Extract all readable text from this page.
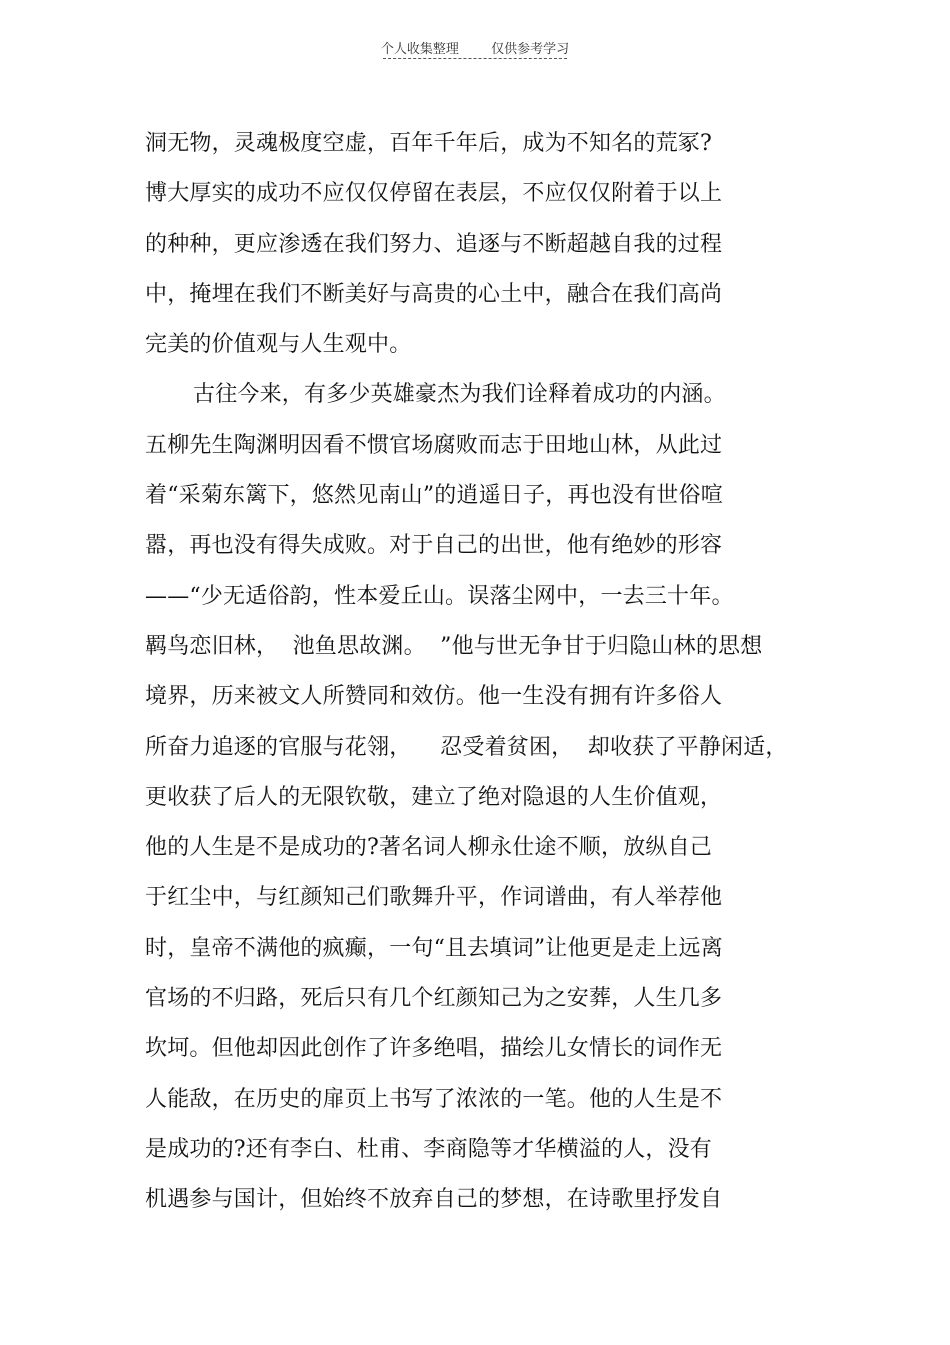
个人收集整理 仅供参考学习
洞无物，灵魂极度空虚，百年千年后，成为不知名的荒冢?
博大厚实的成功不应仅仅停留在表层，不应仅仅附着于以上
的种种，更应渗透在我们努力、追逐与不断超越自我的过程
中，掩埋在我们不断美好与高贵的心土中，融合在我们高尚
完美的价值观与人生观中。
古往今来，有多少英雄豪杰为我们诠释着成功的内涵。
五柳先生陶渊明因看不惯官场腐败而志于田地山林，从此过
着“采菊东篱下，悠然见南山”的逍遥日子，再也没有世俗喧
嚣，再也没有得失成败。对于自己的出世，他有绝妙的形容
——“少无适俗韵，性本爱丘山。误落尘网中，一去三十年。
羁鸟恋旧林，  池鱼思故渊。  ”他与世无争甘于归隐山林的思想
境界，历来被文人所赞同和效仿。他一生没有拥有许多俗人
所奋力追逐的官服与花翎，    忍受着贫困，  却收获了平静闲适，
更收获了后人的无限钦敬，建立了绝对隐退的人生价值观，
他的人生是不是成功的?著名词人柳永仕途不顺，放纵自己
于红尘中，与红颜知己们歌舞升平，作词谱曲，有人举荐他
时，皇帝不满他的疯癫，一句“且去填词”让他更是走上远离
官场的不归路，死后只有几个红颜知己为之安葬，人生几多
坎坷。但他却因此创作了许多绝唱，描绘儿女情长的词作无
人能敌，在历史的扉页上书写了浓浓的一笔。他的人生是不
是成功的?还有李白、杜甫、李商隐等才华横溢的人，没有
机遇参与国计，但始终不放弃自己的梦想，在诗歌里抒发自
